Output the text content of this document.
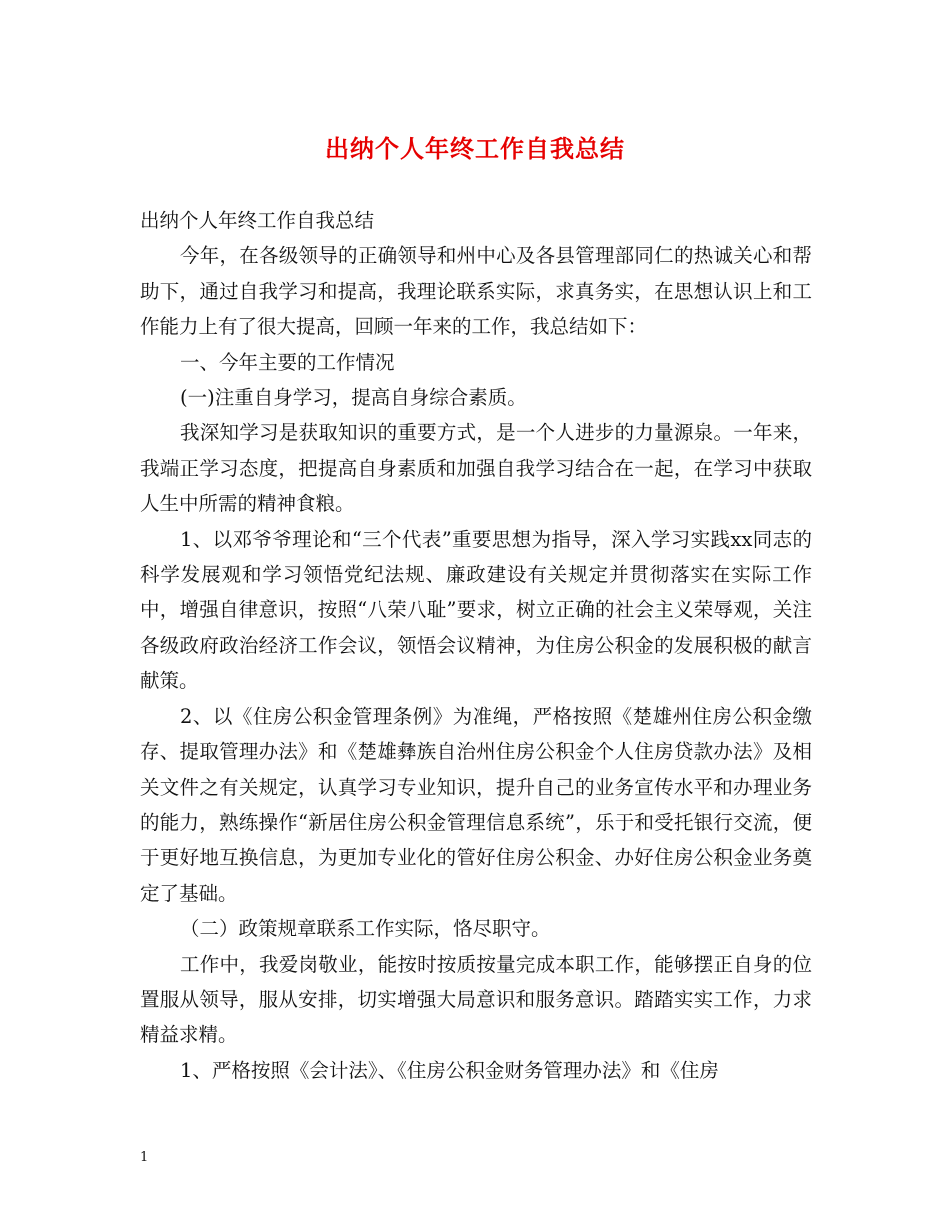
出纳个人年终工作自我总结

出纳个人年终工作自我总结

今年，在各级领导的正确领导和州中心及各县管理部同仁的热诚关心和帮助下，通过自我学习和提高，我理论联系实际，求真务实，在思想认识上和工作能力上有了很大提高，回顾一年来的工作，我总结如下：

一、今年主要的工作情况

(一)注重自身学习，提高自身综合素质。

我深知学习是获取知识的重要方式，是一个人进步的力量源泉。一年来，我端正学习态度，把提高自身素质和加强自我学习结合在一起，在学习中获取人生中所需的精神食粮。

1、以邓爷爷理论和“三个代表”重要思想为指导，深入学习实践xx同志的科学发展观和学习领悟党纪法规、廉政建设有关规定并贯彻落实在实际工作中，增强自律意识，按照“八荣八耻”要求，树立正确的社会主义荣辱观，关注各级政府政治经济工作会议，领悟会议精神，为住房公积金的发展积极的献言献策。

2、以《住房公积金管理条例》为准绳，严格按照《楚雄州住房公积金缴存、提取管理办法》和《楚雄彝族自治州住房公积金个人住房贷款办法》及相关文件之有关规定，认真学习专业知识，提升自己的业务宣传水平和办理业务的能力，熟练操作“新居住房公积金管理信息系统”，乐于和受托银行交流，便于更好地互换信息，为更加专业化的管好住房公积金、办好住房公积金业务奠定了基础。

（二）政策规章联系工作实际，恪尽职守。

工作中，我爱岗敬业，能按时按质按量完成本职工作，能够摆正自身的位置服从领导，服从安排，切实增强大局意识和服务意识。踏踏实实工作，力求精益求精。

1、严格按照《会计法》、《住房公积金财务管理办法》和《住房

1
